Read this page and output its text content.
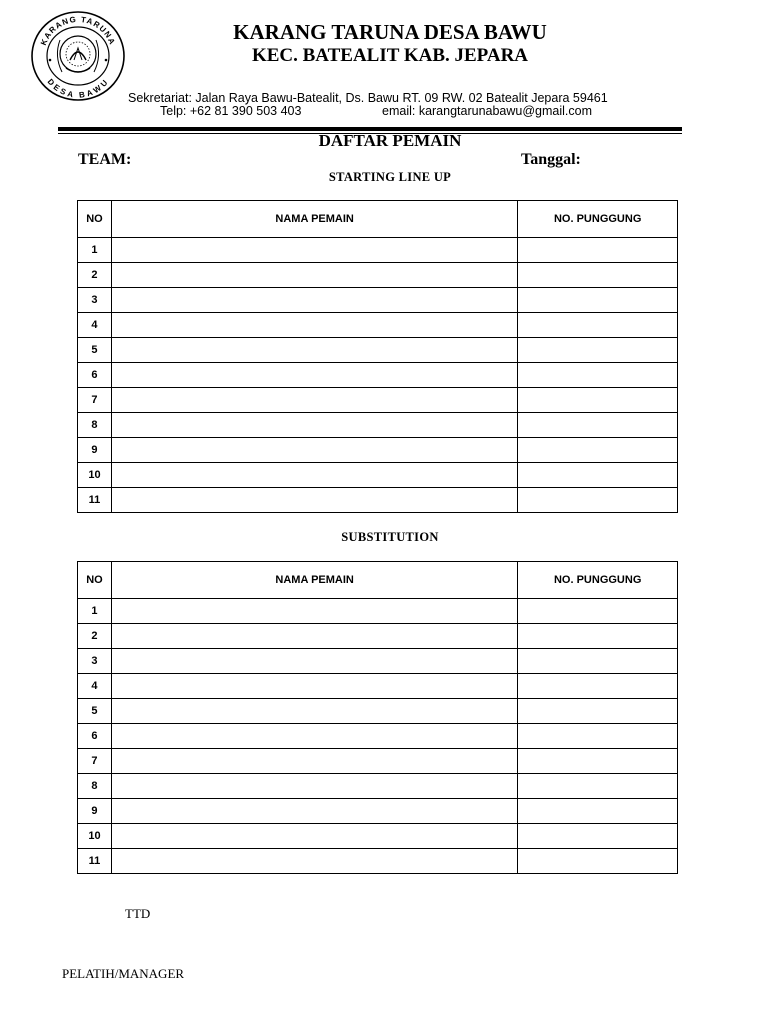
KARANG TARUNA
DESA BAWU
KARANG TARUNA DESA BAWU
KEC. BATEALIT KAB. JEPARA
Sekretariat: Jalan Raya Bawu-Batealit, Ds. Bawu RT. 09 RW. 02 Batealit Jepara 59461
Telp: +62 81 390 503 403	email: karangtarunabawu@gmail.com
DAFTAR PEMAIN
TEAM:	Tanggal:
STARTING LINE UP
NO	NAMA PEMAIN	NO. PUNGGUNG
1		
2		
3		
4		
5		
6		
7		
8		
9		
10		
11		
SUBSTITUTION
NO	NAMA PEMAIN	NO. PUNGGUNG
1		
2		
3		
4		
5		
6		
7		
8		
9		
10		
11		
TTD
PELATIH/MANAGER
